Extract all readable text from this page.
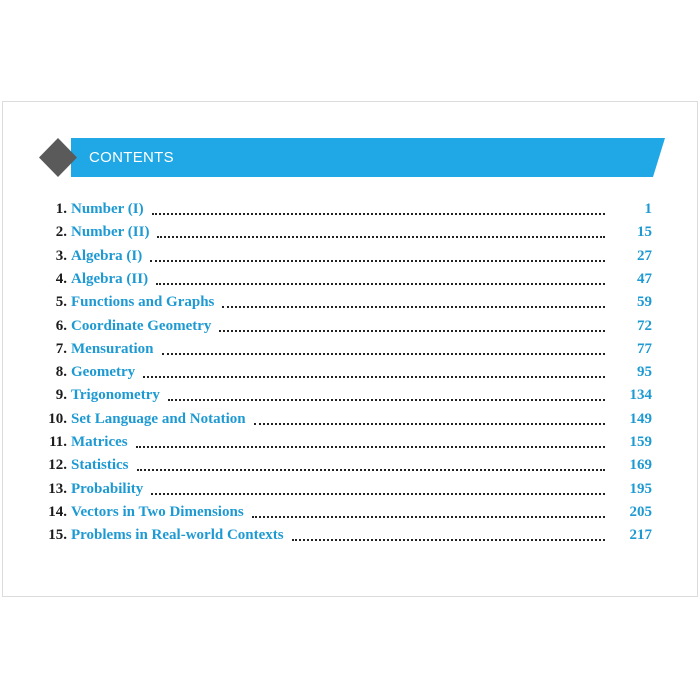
CONTENTS
1. Number (I)	1
2. Number (II)	15
3. Algebra (I)	27
4. Algebra (II)	47
5. Functions and Graphs	59
6. Coordinate Geometry	72
7. Mensuration	77
8. Geometry	95
9. Trigonometry	134
10. Set Language and Notation	149
11. Matrices	159
12. Statistics	169
13. Probability	195
14. Vectors in Two Dimensions	205
15. Problems in Real-world Contexts	217
